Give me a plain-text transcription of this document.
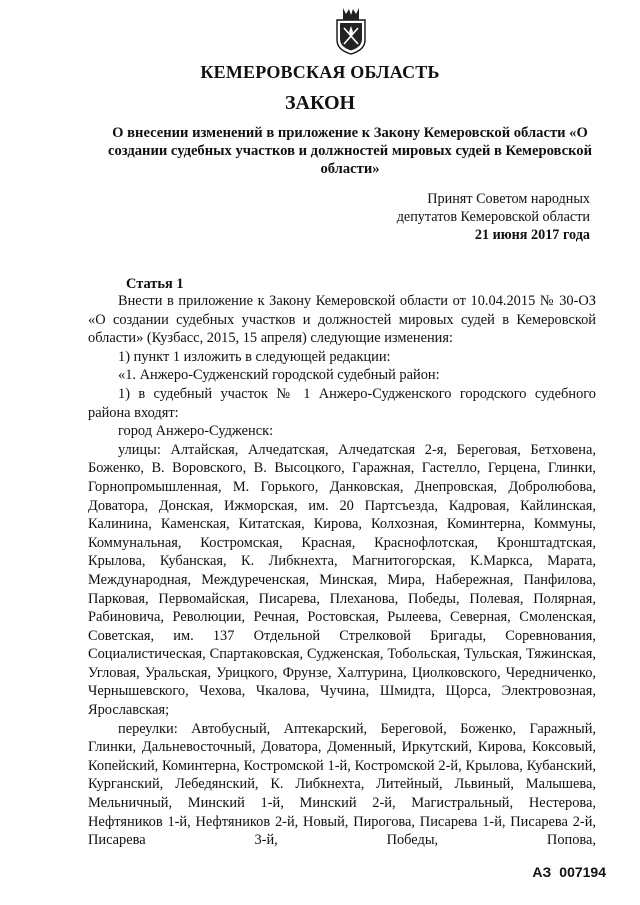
КЕМЕРОВСКАЯ ОБЛАСТЬ
ЗАКОН
О внесении изменений в приложение к Закону Кемеровской области «О создании судебных участков и должностей мировых судей в Кемеровской области»
Принят Советом народных
депутатов Кемеровской области
21 июня 2017 года
Статья 1

Внести в приложение к Закону Кемеровской области от 10.04.2015 № 30-ОЗ «О создании судебных участков и должностей мировых судей в Кемеровской области» (Кузбасс, 2015, 15 апреля) следующие изменения:

1) пункт 1 изложить в следующей редакции:

«1. Анжеро-Судженский городской судебный район:

1) в судебный участок № 1 Анжеро-Судженского городского судебного района входят:

город Анжеро-Судженск:

улицы: Алтайская, Алчедатская, Алчедатская 2-я, Береговая, Бетховена, Боженко, В. Воровского, В. Высоцкого, Гаражная, Гастелло, Герцена, Глинки, Горнопромышленная, М. Горького, Данковская, Днепровская, Добролюбова, Доватора, Донская, Ижморская, им. 20 Партсъезда, Кадровая, Кайлинская, Калинина, Каменская, Китатская, Кирова, Колхозная, Коминтерна, Коммуны, Коммунальная, Костромская, Красная, Краснофлотская, Кронштадтская, Крылова, Кубанская, К. Либкнехта, Магнитогорская, К.Маркса, Марата, Международная, Междуреченская, Минская, Мира, Набережная, Панфилова, Парковая, Первомайская, Писарева, Плеханова, Победы, Полевая, Полярная, Рабиновича, Революции, Речная, Ростовская, Рылеева, Северная, Смоленская, Советская, им. 137 Отдельной Стрелковой Бригады, Соревнования, Социалистическая, Спартаковская, Судженская, Тобольская, Тульская, Тяжинская, Угловая, Уральская, Урицкого, Фрунзе, Халтурина, Циолковского, Чередниченко, Чернышевского, Чехова, Чкалова, Чучина, Шмидта, Щорса, Электровозная, Ярославская;

переулки: Автобусный, Аптекарский, Береговой, Боженко, Гаражный, Глинки, Дальневосточный, Доватора, Доменный, Иркутский, Кирова, Коксовый, Копейский, Коминтерна, Костромской 1-й, Костромской 2-й, Крылова, Кубанский, Курганский, Лебедянский, К. Либкнехта, Литейный, Львиный, Малышева, Мельничный, Минский 1-й, Минский 2-й, Магистральный, Нестерова, Нефтяников 1-й, Нефтяников 2-й, Новый, Пирогова, Писарева 1-й, Писарева 2-й, Писарева 3-й, Победы, Попова,

АЗ 007194
